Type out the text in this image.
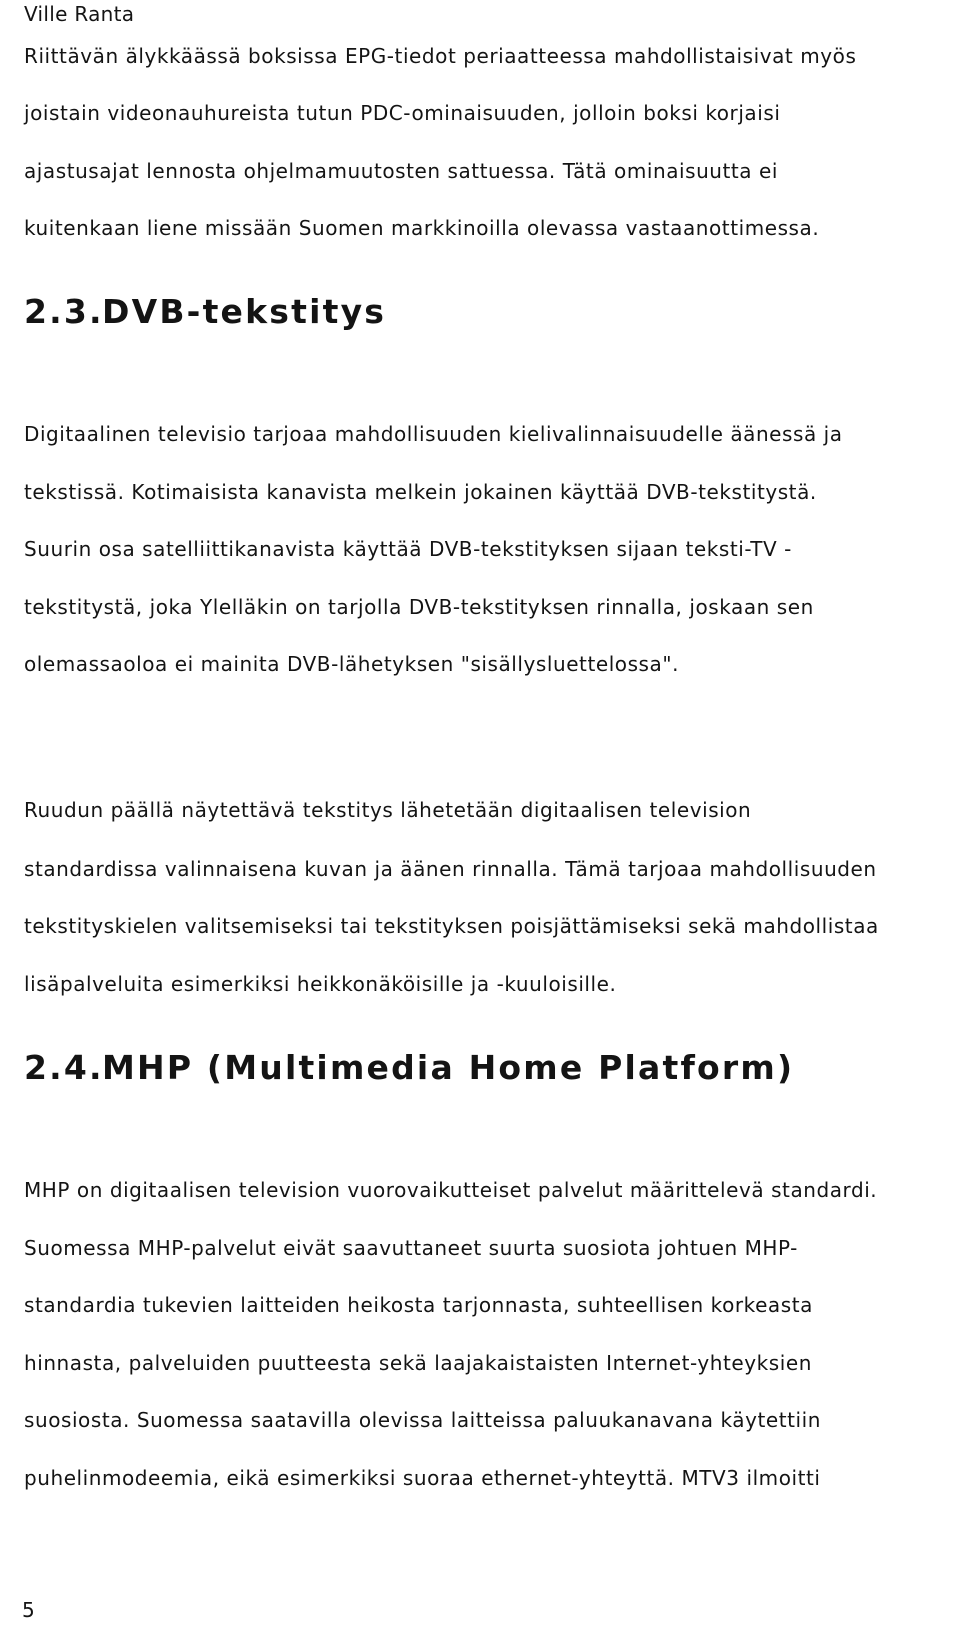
Ville Ranta
Riittävän älykkäässä boksissa EPG-tiedot periaatteessa mahdollistaisivat myös
joistain videonauhureista tutun PDC-ominaisuuden, jolloin boksi korjaisi
ajastusajat lennosta ohjelmamuutosten sattuessa. Tätä ominaisuutta ei
kuitenkaan liene missään Suomen markkinoilla olevassa vastaanottimessa.
2.3.DVB-tekstitys
Digitaalinen televisio tarjoaa mahdollisuuden kielivalinnaisuudelle äänessä ja
tekstissä. Kotimaisista kanavista melkein jokainen käyttää DVB-tekstitystä.
Suurin osa satelliittikanavista käyttää DVB-tekstityksen sijaan teksti-TV -
tekstitystä, joka Ylelläkin on tarjolla DVB-tekstityksen rinnalla, joskaan sen
olemassaoloa ei mainita DVB-lähetyksen "sisällysluettelossa".
Ruudun päällä näytettävä tekstitys lähetetään digitaalisen television
standardissa valinnaisena kuvan ja äänen rinnalla. Tämä tarjoaa mahdollisuuden
tekstityskielen valitsemiseksi tai tekstityksen poisjättämiseksi sekä mahdollistaa
lisäpalveluita esimerkiksi heikkonäköisille ja -kuuloisille.
2.4.MHP (Multimedia Home Platform)
MHP on digitaalisen television vuorovaikutteiset palvelut määrittelevä standardi.
Suomessa MHP-palvelut eivät saavuttaneet suurta suosiota johtuen MHP-
standardia tukevien laitteiden heikosta tarjonnasta, suhteellisen korkeasta
hinnasta, palveluiden puutteesta sekä laajakaistaisten Internet-yhteyksien
suosiosta. Suomessa saatavilla olevissa laitteissa paluukanavana käytettiin
puhelinmodeemia, eikä esimerkiksi suoraa ethernet-yhteyttä. MTV3 ilmoitti
5
